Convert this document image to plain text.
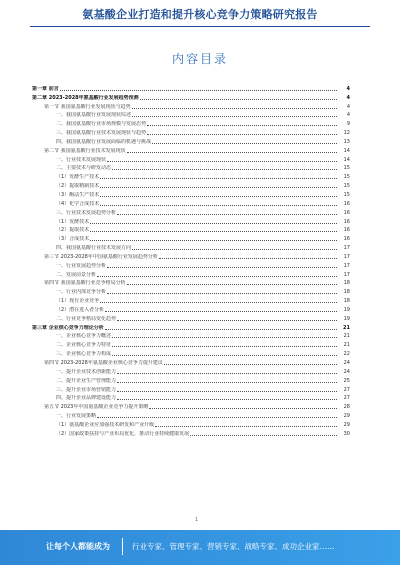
氨基酸企业打造和提升核心竞争力策略研究报告
内容目录
第一章 前言	4
第二章 2023-2028年氨基酸行业发展趋势预测	4
第一节 我国氨基酸行业发展现状与趋势	4
一、我国氨基酸行业发展现状综述	4
二、我国氨基酸行业市场规模与发展态势	9
三、我国氨基酸行业技术发展现状与趋势	12
四、我国氨基酸行业发展面临的机遇与挑战	13
第二节 我国氨基酸行业技术发展现状	14
一、行业技术发展现状	14
二、主要技术与研发动态	15
（1）发酵生产技术	15
（2）提取精制技术	15
（3）酶法生产技术	15
（4）化学合成技术	16
三、行业技术发展趋势分析	16
（1）发酵技术	16
（2）提取技术	16
（3）合成技术	16
四、我国氨基酸行业技术发展方向	17
第三节 2023-2028年中国氨基酸行业发展趋势分析	17
一、行业发展趋势分析	17
二、发展前景分析	17
第四节 我国氨基酸行业竞争格局分析	18
一、行业内部竞争分析	18
（1）现有企业竞争	18
（2）潜在进入者分析	19
二、行业竞争格局变化趋势	19
第三章 企业核心竞争力理论分析	21
一、企业核心竞争力概述	21
二、企业核心竞争力特征	21
三、企业核心竞争力构成	22
第四节 2023-2028年氨基酸企业核心竞争力提升建议	24
一、提升企业技术创新能力	24
二、提升企业生产管理能力	25
三、提升企业市场营销能力	27
四、提升企业品牌建设能力	27
第五节 2023年中国氨基酸企业竞争力提升策略	28
一、行业发展策略	29
（1）氨基酸企业应加强技术研发和产业升级	29
（2）国家政策扶持与产业布局优化，推动行业持续健康发展	30
1
让每个人都能成为	行业专家、管理专家、营销专家、战略专家、成功企业家……
